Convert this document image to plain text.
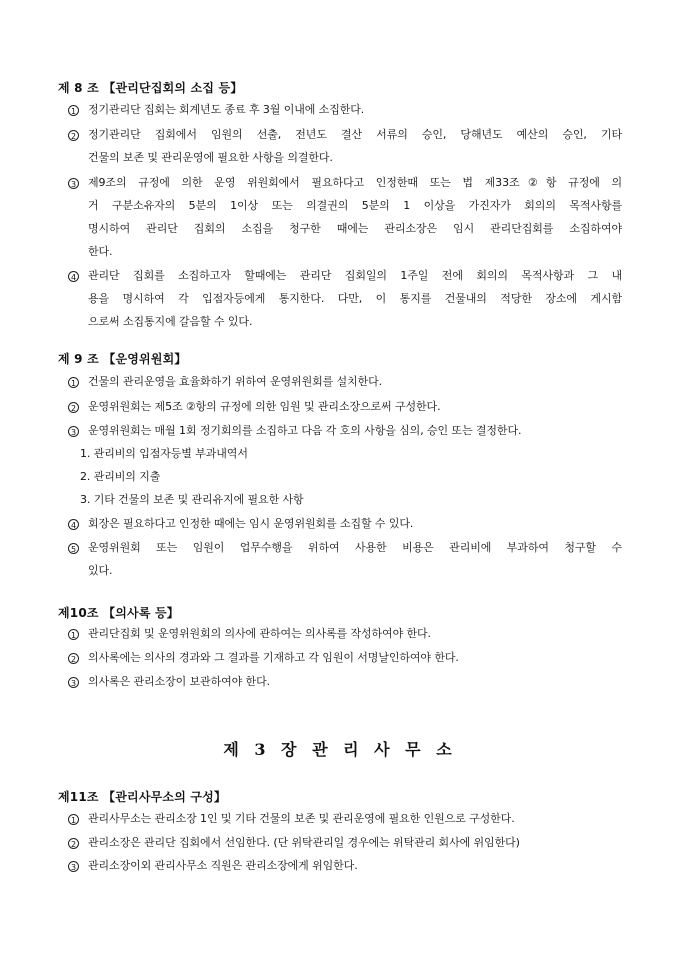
제 8 조 【관리단집회의 소집 등】
1 정기관리단 집회는 회계년도 종료 후 3월 이내에 소집한다.
2 정기관리단 집회에서 임원의 선출, 전년도 결산 서류의 승인, 당해년도 예산의 승인, 기타
건물의 보존 및 관리운영에 필요한 사항을 의결한다.
3 제9조의 규정에 의한 운영 위원회에서 필요하다고 인정한때 또는 법 제33조②항 규정에 의
거 구분소유자의 5분의 1이상 또는 의결권의 5분의 1 이상을 가진자가 회의의 목적사항를
명시하여 관리단 집회의 소집을 청구한 때에는 관리소장은 임시 관리단집회를 소집하여야
한다.
4 관리단 집회를 소집하고자 할때에는 관리단 집회일의 1주일 전에 회의의 목적사항과 그 내
용을 명시하여 각 입점자등에게 통지한다. 다만, 이 통지를 건물내의 적당한 장소에 게시함
으로써 소집통지에 갈음할 수 있다.
제 9 조 【운영위원회】
1 건물의 관리운영을 효율화하기 위하여 운영위원회를 설치한다.
2 운영위원회는 제5조 ②항의 규정에 의한 임원 및 관리소장으로써 구성한다.
3 운영위원회는 매월 1회 정기회의를 소집하고 다음 각 호의 사항을 심의, 승인 또는 결정한다.
1. 관리비의 입점자등별 부과내역서
2. 관리비의 지출
3. 기타 건물의 보존 및 관리유지에 필요한 사항
4 회장은 필요하다고 인정한 때에는 임시 운영위원회를 소집할 수 있다.
5 운영위원회 또는 임원이 업무수행을 위하여 사용한 비용은 관리비에 부과하여 청구할 수
있다.
제10조 【의사록 등】
1 관리단집회 및 운영위원회의 의사에 관하여는 의사록를 작성하여야 한다.
2 의사록에는 의사의 경과와 그 결과를 기재하고 각 임원이 서명날인하여야 한다.
3 의사록은 관리소장이 보관하여야 한다.
제11조 【관리사무소의 구성】
1 관리사무소는 관리소장 1인 및 기타 건물의 보존 및 관리운영에 필요한 인원으로 구성한다.
2 관리소장은 관리단 집회에서 선임한다. (단 위탁관리일 경우에는 위탁관리 회사에 위임한다)
3 관리소장이외 관리사무소 직원은 관리소장에게 위임한다.
제 3 장 관 리 사 무 소
